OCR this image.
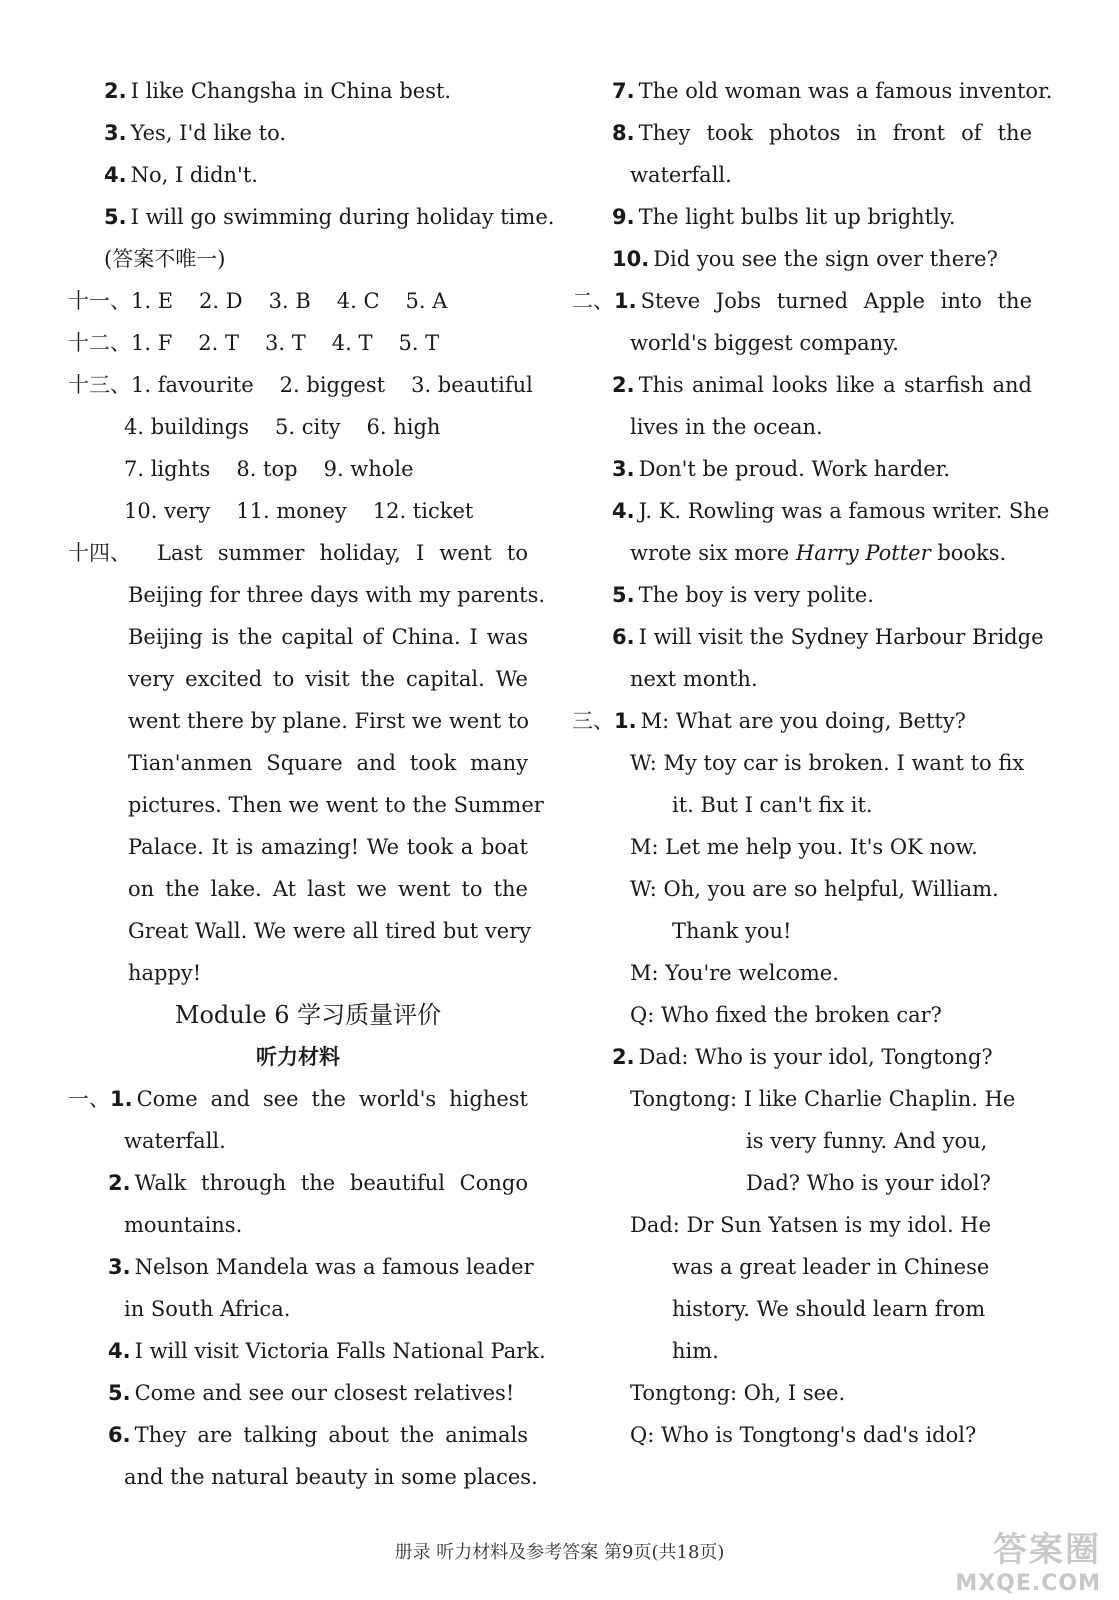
2. I like Changsha in China best.
3. Yes, I'd like to.
4. No, I didn't.
5. I will go swimming during holiday time.
(答案不唯一)
十一、1. E 2. D 3. B 4. C 5. A
十二、1. F 2. T 3. T 4. T 5. T
十三、1. favourite 2. biggest 3. beautiful
4. buildings 5. city 6. high
7. lights 8. top 9. whole
10. very 11. money 12. ticket
十四、 Last summer holiday, I went to
Beijing for three days with my parents.
Beijing is the capital of China. I was
very excited to visit the capital. We
went there by plane. First we went to
Tian'anmen Square and took many
pictures. Then we went to the Summer
Palace. It is amazing! We took a boat
on the lake. At last we went to the
Great Wall. We were all tired but very
happy!
Module 6 学习质量评价
听力材料
一、1. Come and see the world's highest
waterfall.
2. Walk through the beautiful Congo
mountains.
3. Nelson Mandela was a famous leader
in South Africa.
4. I will visit Victoria Falls National Park.
5. Come and see our closest relatives!
6. They are talking about the animals
and the natural beauty in some places.
7. The old woman was a famous inventor.
8. They took photos in front of the
waterfall.
9. The light bulbs lit up brightly.
10. Did you see the sign over there?
二、1. Steve Jobs turned Apple into the
world's biggest company.
2. This animal looks like a starfish and
lives in the ocean.
3. Don't be proud. Work harder.
4. J. K. Rowling was a famous writer. She
wrote six more Harry Potter books.
5. The boy is very polite.
6. I will visit the Sydney Harbour Bridge
next month.
三、1. M: What are you doing, Betty?
W: My toy car is broken. I want to fix
it. But I can't fix it.
M: Let me help you. It's OK now.
W: Oh, you are so helpful, William.
Thank you!
M: You're welcome.
Q: Who fixed the broken car?
2. Dad: Who is your idol, Tongtong?
Tongtong: I like Charlie Chaplin. He
is very funny. And you,
Dad? Who is your idol?
Dad: Dr Sun Yatsen is my idol. He
was a great leader in Chinese
history. We should learn from
him.
Tongtong: Oh, I see.
Q: Who is Tongtong's dad's idol?
册录 听力材料及参考答案 第9页(共18页)	答案圈
MXQE.COM
